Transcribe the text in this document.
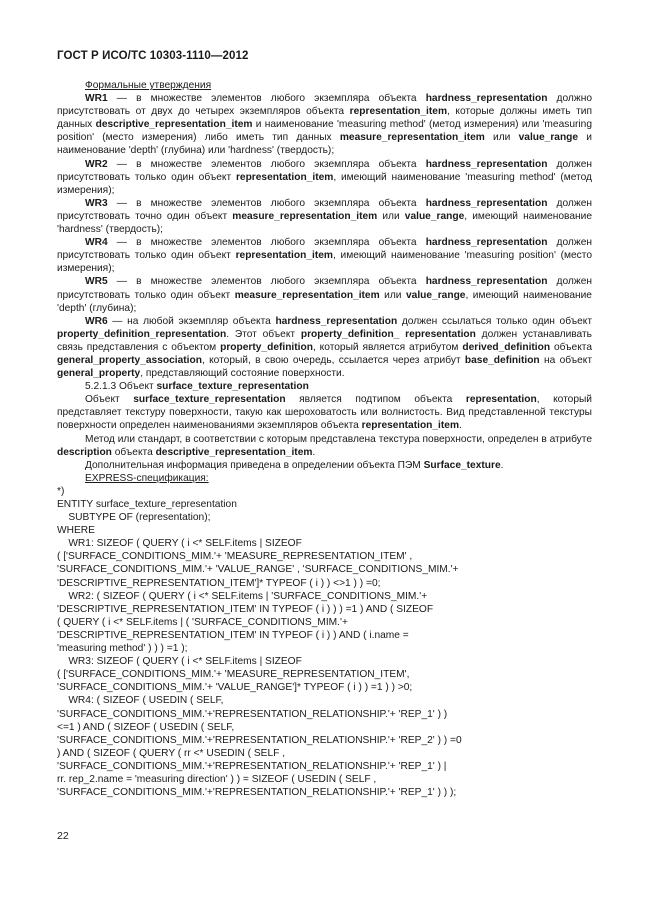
ГОСТ Р ИСО/ТС 10303-1110—2012

Формальные утверждения

WR1 — в множестве элементов любого экземпляра объекта hardness_representation должно присутствовать от двух до четырех экземпляров объекта representation_item, которые должны иметь тип данных descriptive_representation_item и наименование 'measuring method' (метод измерения) или 'measuring position' (место измерения) либо иметь тип данных measure_representation_item или value_range и наименование 'depth' (глубина) или 'hardness' (твердость);

WR2 — в множестве элементов любого экземпляра объекта hardness_representation должен присутствовать только один объект representation_item, имеющий наименование 'measuring method' (метод измерения);

WR3 — в множестве элементов любого экземпляра объекта hardness_representation должен присутствовать точно один объект measure_representation_item или value_range, имеющий наименование 'hardness' (твердость);

WR4 — в множестве элементов любого экземпляра объекта hardness_representation должен присутствовать только один объект representation_item, имеющий наименование 'measuring position' (место измерения);

WR5 — в множестве элементов любого экземпляра объекта hardness_representation должен присутствовать только один объект measure_representation_item или value_range, имеющий наименование 'depth' (глубина);

WR6 — на любой экземпляр объекта hardness_representation должен ссылаться только один объект property_definition_representation. Этот объект property_definition_ representation должен устанавливать связь представления с объектом property_definition, который является атрибутом derived_definition объекта general_property_association, который, в свою очередь, ссылается через атрибут base_definition на объект general_property, представляющий состояние поверхности.

5.2.1.3 Объект surface_texture_representation

Объект surface_texture_representation является подтипом объекта representation, который представляет текстуру поверхности, такую как шероховатость или волнистость. Вид представленной текстуры поверхности определен наименованиями экземпляров объекта representation_item.

Метод или стандарт, в соответствии с которым представлена текстура поверхности, определен в атрибуте description объекта descriptive_representation_item.

Дополнительная информация приведена в определении объекта ПЭМ Surface_texture.

EXPRESS-спецификация:

*)
ENTITY surface_texture_representation
SUBTYPE OF (representation);
WHERE
WR1: SIZEOF ( QUERY ( i <* SELF.items | SIZEOF
( ['SURFACE_CONDITIONS_MIM.'+ 'MEASURE_REPRESENTATION_ITEM' ,
'SURFACE_CONDITIONS_MIM.'+ 'VALUE_RANGE' , 'SURFACE_CONDITIONS_MIM.'+
'DESCRIPTIVE_REPRESENTATION_ITEM']* TYPEOF ( i ) ) <>1 ) ) =0;
WR2: ( SIZEOF ( QUERY ( i <* SELF.items | 'SURFACE_CONDITIONS_MIM.'+
'DESCRIPTIVE_REPRESENTATION_ITEM' IN TYPEOF ( i ) ) ) =1 ) AND ( SIZEOF
( QUERY ( i <* SELF.items | ( 'SURFACE_CONDITIONS_MIM.'+
'DESCRIPTIVE_REPRESENTATION_ITEM' IN TYPEOF ( i ) ) AND ( i.name =
'measuring method' ) ) ) =1 );
WR3: SIZEOF ( QUERY ( i <* SELF.items | SIZEOF
( ['SURFACE_CONDITIONS_MIM.'+ 'MEASURE_REPRESENTATION_ITEM',
'SURFACE_CONDITIONS_MIM.'+ 'VALUE_RANGE']* TYPEOF ( i ) ) =1 ) ) >0;
WR4: ( SIZEOF ( USEDIN ( SELF,
'SURFACE_CONDITIONS_MIM.'+'REPRESENTATION_RELATIONSHIP.'+ 'REP_1' ) )
<=1 ) AND ( SIZEOF ( USEDIN ( SELF,
'SURFACE_CONDITIONS_MIM.'+'REPRESENTATION_RELATIONSHIP.'+ 'REP_2' ) ) =0
) AND ( SIZEOF ( QUERY ( rr <* USEDIN ( SELF ,
'SURFACE_CONDITIONS_MIM.'+'REPRESENTATION_RELATIONSHIP.'+ 'REP_1' ) |
rr. rep_2.name = 'measuring direction' ) ) = SIZEOF ( USEDIN ( SELF ,
'SURFACE_CONDITIONS_MIM.'+'REPRESENTATION_RELATIONSHIP.'+ 'REP_1' ) ) );
22
